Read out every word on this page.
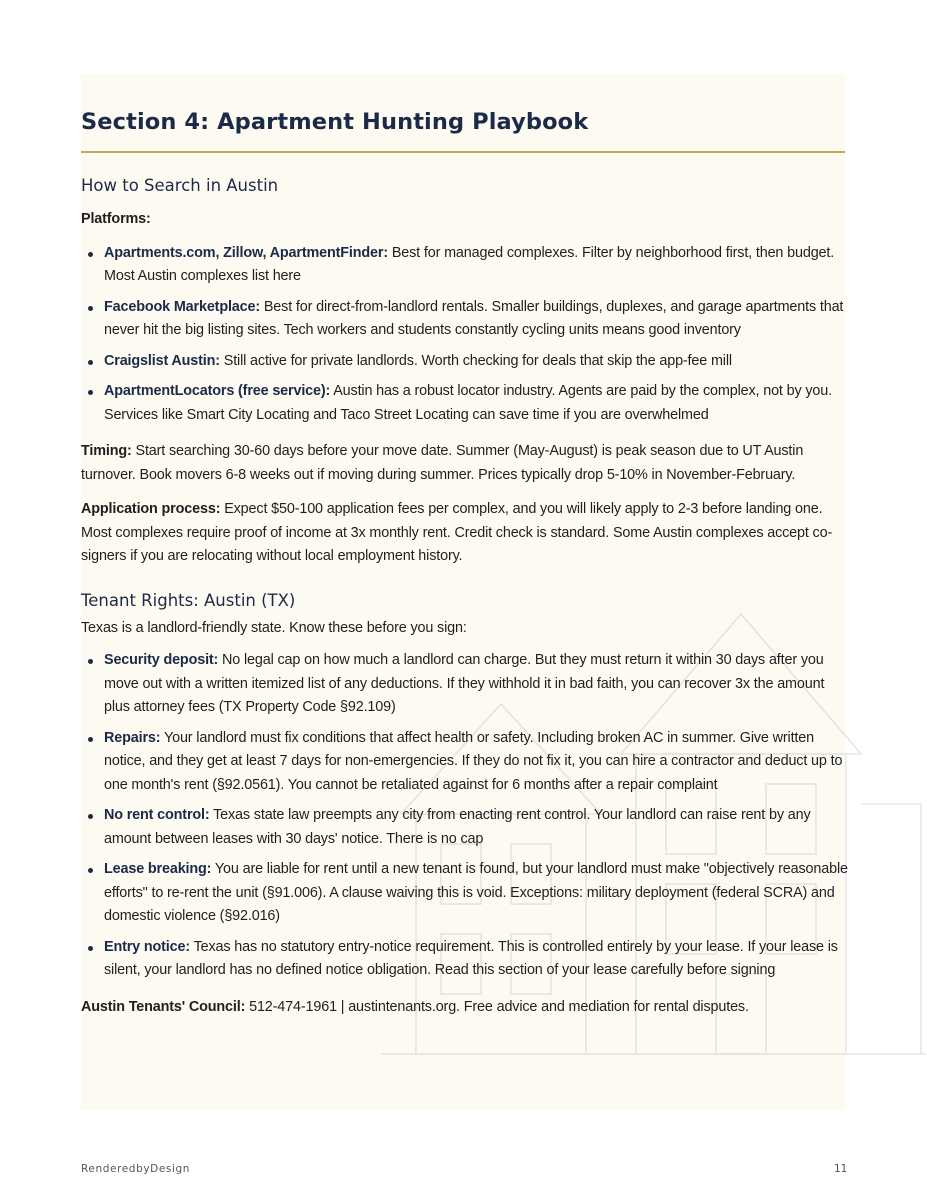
Section 4: Apartment Hunting Playbook
How to Search in Austin

Platforms:

Apartments.com, Zillow, ApartmentFinder: Best for managed complexes. Filter by neighborhood first, then budget. Most Austin complexes list here
Facebook Marketplace: Best for direct-from-landlord rentals. Smaller buildings, duplexes, and garage apartments that never hit the big listing sites. Tech workers and students constantly cycling units means good inventory
Craigslist Austin: Still active for private landlords. Worth checking for deals that skip the app-fee mill
ApartmentLocators (free service): Austin has a robust locator industry. Agents are paid by the complex, not by you. Services like Smart City Locating and Taco Street Locating can save time if you are overwhelmed

Timing: Start searching 30-60 days before your move date. Summer (May-August) is peak season due to UT Austin turnover. Book movers 6-8 weeks out if moving during summer. Prices typically drop 5-10% in November-February.

Application process: Expect $50-100 application fees per complex, and you will likely apply to 2-3 before landing one. Most complexes require proof of income at 3x monthly rent. Credit check is standard. Some Austin complexes accept co-signers if you are relocating without local employment history.

Tenant Rights: Austin (TX)

Texas is a landlord-friendly state. Know these before you sign:

Security deposit: No legal cap on how much a landlord can charge. But they must return it within 30 days after you move out with a written itemized list of any deductions. If they withhold it in bad faith, you can recover 3x the amount plus attorney fees (TX Property Code §92.109)
Repairs: Your landlord must fix conditions that affect health or safety. Including broken AC in summer. Give written notice, and they get at least 7 days for non-emergencies. If they do not fix it, you can hire a contractor and deduct up to one month's rent (§92.0561). You cannot be retaliated against for 6 months after a repair complaint
No rent control: Texas state law preempts any city from enacting rent control. Your landlord can raise rent by any amount between leases with 30 days' notice. There is no cap
Lease breaking: You are liable for rent until a new tenant is found, but your landlord must make "objectively reasonable efforts" to re-rent the unit (§91.006). A clause waiving this is void. Exceptions: military deployment (federal SCRA) and domestic violence (§92.016)
Entry notice: Texas has no statutory entry-notice requirement. This is controlled entirely by your lease. If your lease is silent, your landlord has no defined notice obligation. Read this section of your lease carefully before signing

Austin Tenants' Council: 512-474-1961 | austintenants.org. Free advice and mediation for rental disputes.

RenderedbyDesign	11
